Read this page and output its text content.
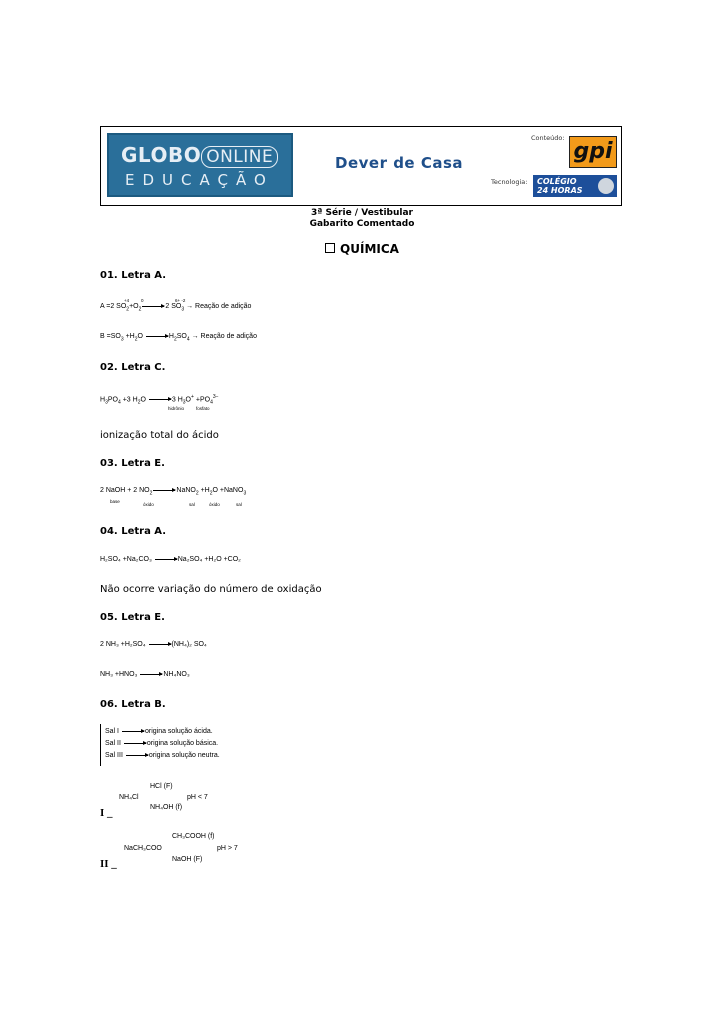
GLOBO ONLINE
EDUCAÇÃO
Dever de Casa
Conteúdo:
gpi
Tecnologia: COLÉGIO
24 HORAS
3ª Série / Vestibular
Gabarito Comentado
QUÍMICA
01. Letra A.
A =2 $SO_2+O_2$	2 $SO_3$ → Reação de adição
+4	0	6+ -2
$B =SO_3 +H_2O$	$H_2SO_4$ → Reação de adição
02. Letra C.
$H_3PO_4 +3$ $H_2O$	3 $H_3O^+ +PO_4^{3-}$
hidrônio	fosfato
ionização total do ácido
03. Letra E.
2 NaOH + 2 $NO_2$	NaNO$_2$ $+H_2O$ +NaNO$_3$
base
óxido	sal	óxido	sal
04. Letra A.
H₂SO₄ +Na₂CO₃	Na₂SO₄ +H₂O +CO₂
Não ocorre variação do número de oxidação
05. Letra E.
2 NH₃ +H₂SO₄	(NH₄)₂ SO₄
NH₃ +HNO₃	NH₄NO₃
06. Letra B.
Sal I	origina solução ácida.
Sal II	origina solução básica.
Sal III	origina solução neutra.
HCl (F)
NH₄Cl	pH < 7
NH₄OH (f)
I _
CH₃COOH (f)
NaCH₃COO	pH > 7
NaOH (F)
II _
